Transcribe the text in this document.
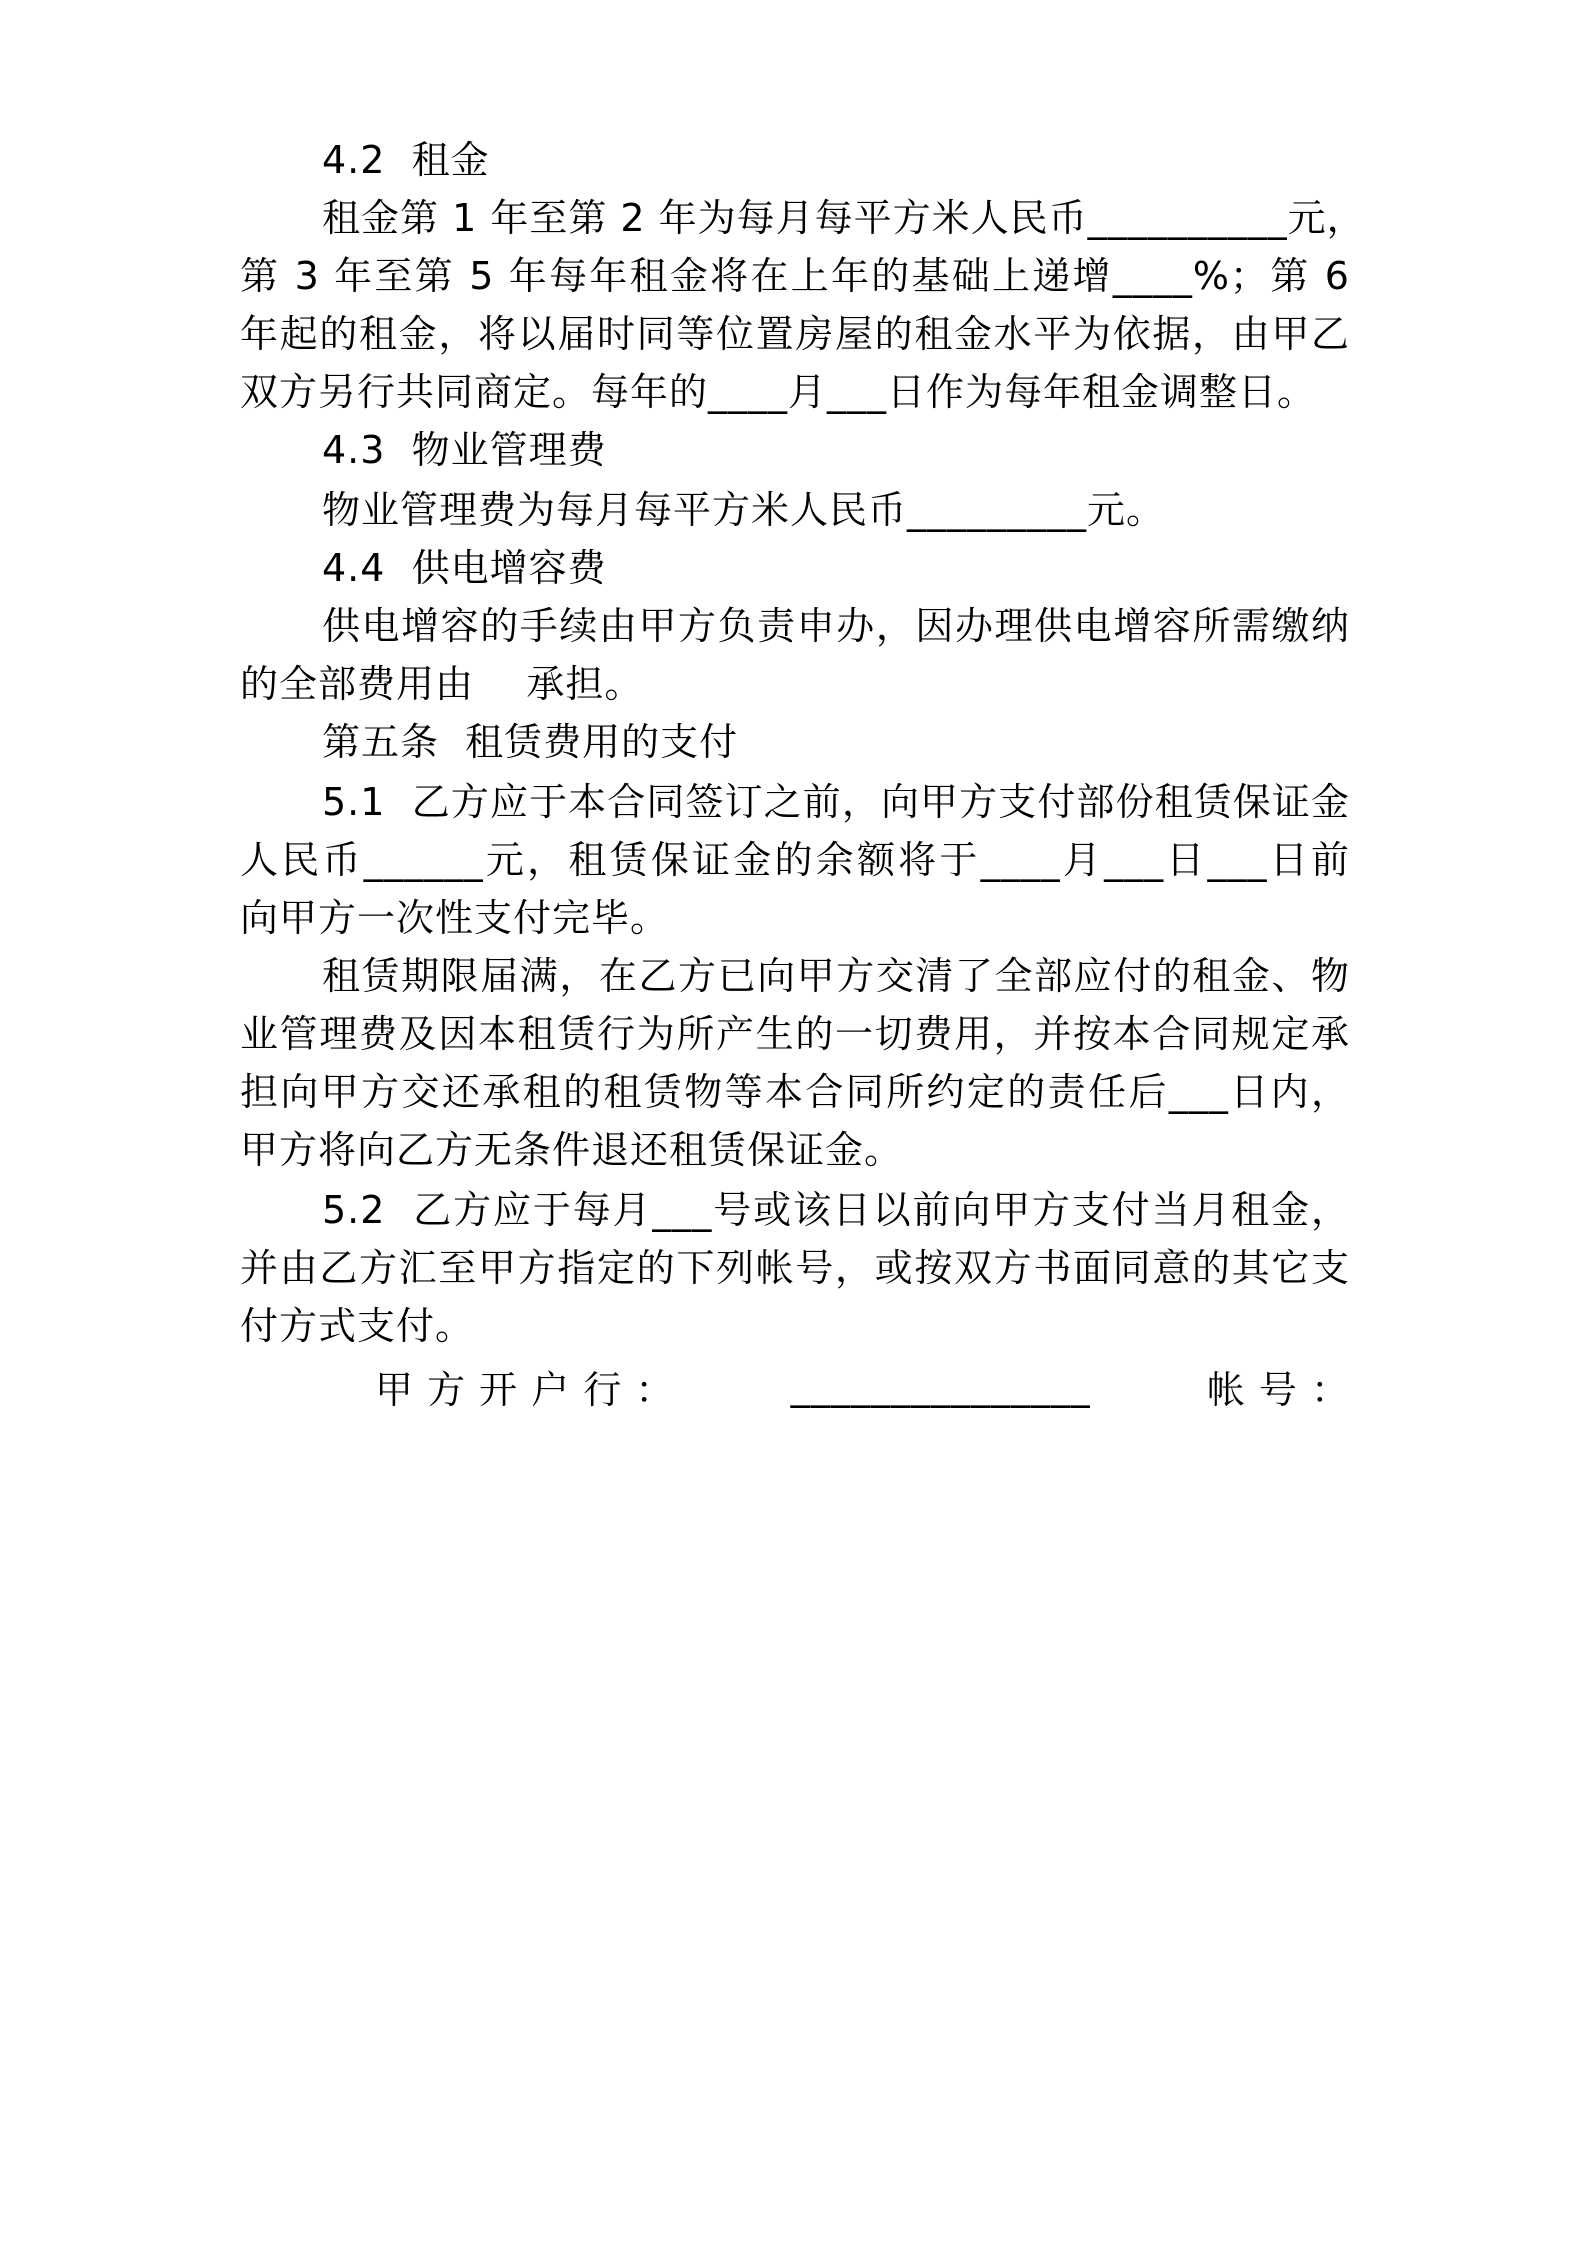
4.2  租金
租金第 1 年至第 2 年为每月每平方米人民币__________元，
第 3 年至第 5 年每年租金将在上年的基础上递增____%；第 6
年起的租金，将以届时同等位置房屋的租金水平为依据，由甲乙
双方另行共同商定。每年的____月___日作为每年租金调整日。
4.3  物业管理费
物业管理费为每月每平方米人民币_________元。
4.4  供电增容费
供电增容的手续由甲方负责申办，因办理供电增容所需缴纳
的全部费用由    承担。
第五条  租赁费用的支付
5.1  乙方应于本合同签订之前，向甲方支付部份租赁保证金
人民币______元，租赁保证金的余额将于____月___日___日前
向甲方一次性支付完毕。
租赁期限届满，在乙方已向甲方交清了全部应付的租金、物
业管理费及因本租赁行为所产生的一切费用，并按本合同规定承
担向甲方交还承租的租赁物等本合同所约定的责任后___日内，
甲方将向乙方无条件退还租赁保证金。
5.2  乙方应于每月___号或该日以前向甲方支付当月租金，
并由乙方汇至甲方指定的下列帐号，或按双方书面同意的其它支
付方式支付。
甲 方 开 户 行 ：	_______________	帐 号 ：
